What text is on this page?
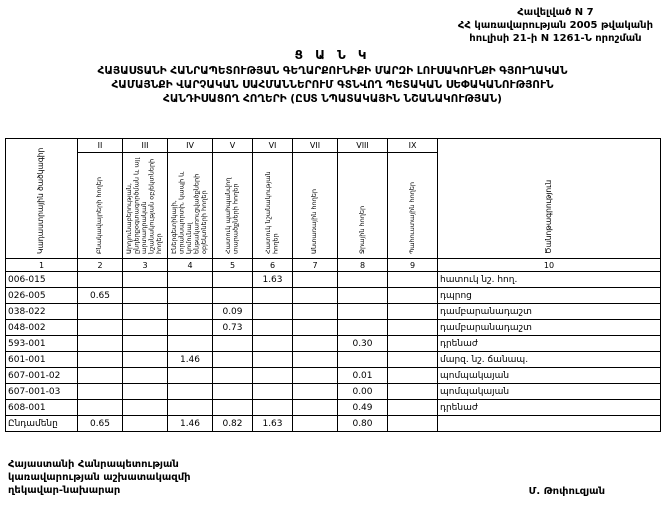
Հավելված N 7
ՀՀ կառավարության 2005 թվականի
հուլիսի 21-ի N 1261-Ն որոշման
Ց Ա Ն Կ
ՀԱՅԱՍՏԱՆԻ ՀԱՆՐԱՊԵՏՈՒԹՅԱՆ ԳԵՂԱՐՔՈՒՆԻՔԻ ՄԱՐԶԻ ԼՈՒՍԱԿՈՒՆՔԻ ԳՅՈՒՂԱԿԱՆ
ՀԱՄԱՅՆՔԻ ՎԱՐՉԱԿԱՆ ՍԱՀՄԱՆՆԵՐՈՒՄ ԳՏՆՎՈՂ ՊԵՏԱԿԱՆ ՍԵՓԱԿԱՆՈՒԹՅՈՒՆ
ՀԱՆԴԻՍԱՑՈՂ ՀՈՂԵՐԻ (ԸՍՏ ՆՊԱՏԱԿԱՅԻՆ ՆՇԱՆԱԿՈՒԹՅԱՆ)
Կադաստրային ծածկագիր	II	III	IV	V	VI	VII	VIII	IX	Ծանոթագրություն
	Բնակավայրերի հողեր	Արդյունաբերության, ընդերքօգտագործման և այլ արտադրական նշանակության օբյեկտների հողեր	Էներգետիկայի, տրանսպորտի, կապի և կոմունալ ենթակառուցվածքների օբյեկտների հողեր	Հատուկ պահպանվող տարածքների հողեր	Հատուկ նշանակության հողեր	Անտառային հողեր	Ջրային հողեր	Պահուստային հողեր	
1	2	3	4	5	6	7	8	9	10
006-015					1.63				հատուկ նշ. հող.
026-005	0.65								դպրոց
038-022				0.09					դամբարանադաշտ
048-002				0.73					դամբարանադաշտ
593-001							0.30		դրենաժ
601-001			1.46						մարզ. նշ. ճանապ.
607-001-02							0.01		պոմպակայան
607-001-03							0.00		պոմպակայան
608-001							0.49		դրենաժ
Ընդամենը	0.65		1.46	0.82	1.63		0.80		
Հայաստանի Հանրապետության
կառավարության աշխատակազմի
ղեկավար-նախարար	Մ. Թոփուզյան
